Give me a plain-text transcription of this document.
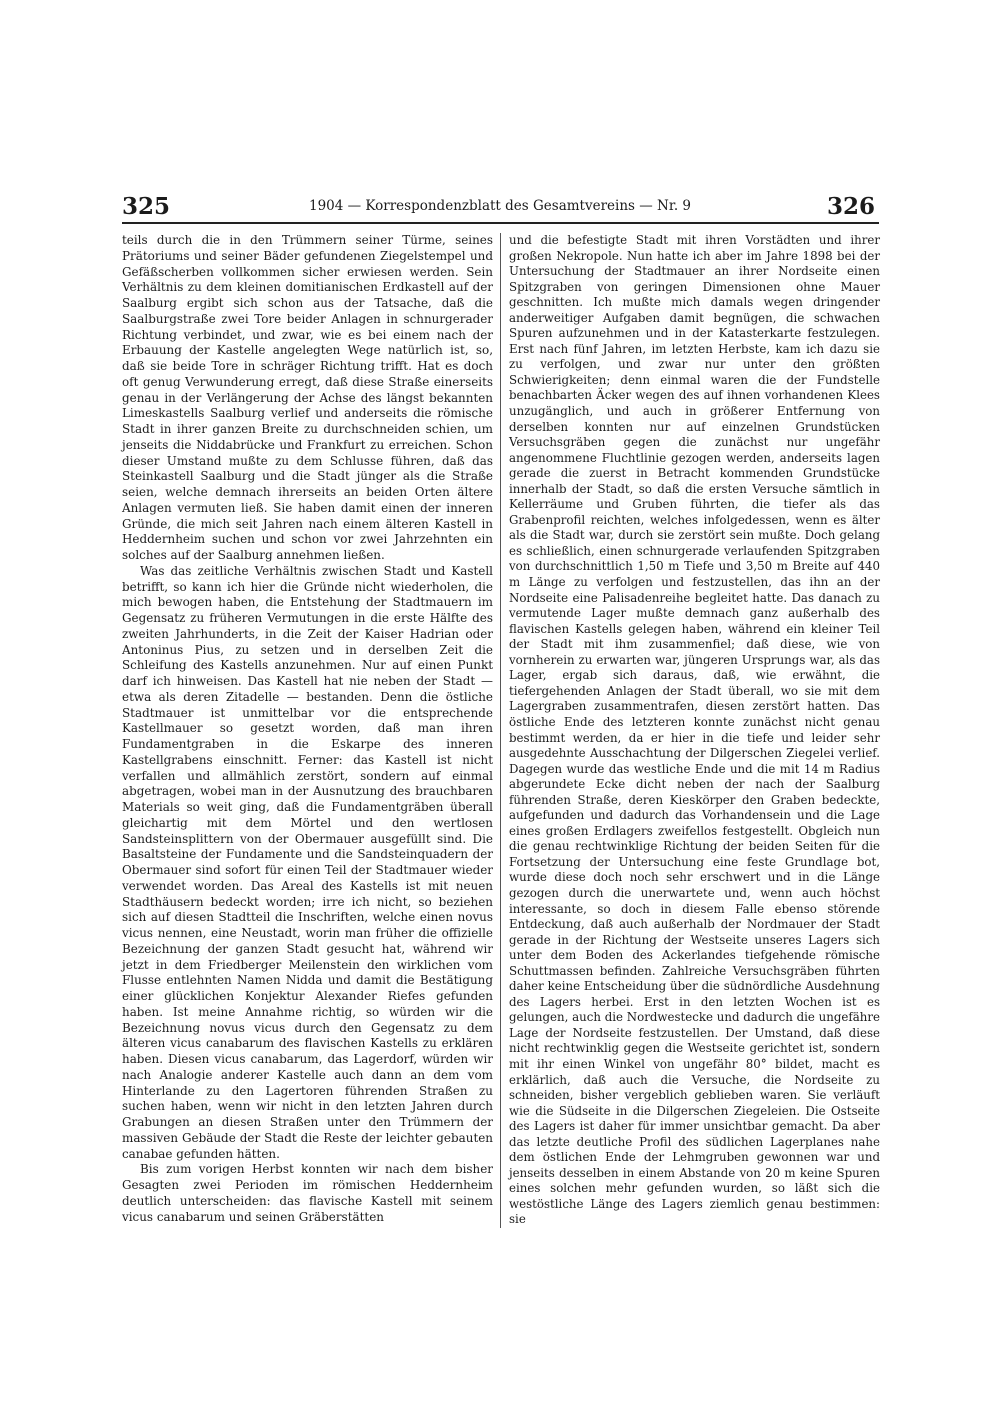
325	1904 — Korrespondenzblatt des Gesamtvereins — Nr. 9	326

teils durch die in den Trümmern seiner Türme, seines Prätoriums und seiner Bäder gefundenen Ziegelstempel und Gefäßscherben vollkommen sicher erwiesen werden. Sein Verhältnis zu dem kleinen domitianischen Erdkastell auf der Saalburg ergibt sich schon aus der Tatsache, daß die Saalburgstraße zwei Tore beider Anlagen in schnurgerader Richtung verbindet, und zwar, wie es bei einem nach der Erbauung der Kastelle angelegten Wege natürlich ist, so, daß sie beide Tore in schräger Richtung trifft. Hat es doch oft genug Verwunderung erregt, daß diese Straße einerseits genau in der Verlängerung der Achse des längst bekannten Limeskastells Saalburg verlief und anderseits die römische Stadt in ihrer ganzen Breite zu durchschneiden schien, um jenseits die Niddabrücke und Frankfurt zu erreichen. Schon dieser Umstand mußte zu dem Schlusse führen, daß das Steinkastell Saalburg und die Stadt jünger als die Straße seien, welche demnach ihrerseits an beiden Orten ältere Anlagen vermuten ließ. Sie haben damit einen der inneren Gründe, die mich seit Jahren nach einem älteren Kastell in Heddernheim suchen und schon vor zwei Jahrzehnten ein solches auf der Saalburg annehmen ließen.

Was das zeitliche Verhältnis zwischen Stadt und Kastell betrifft, so kann ich hier die Gründe nicht wiederholen, die mich bewogen haben, die Entstehung der Stadtmauern im Gegensatz zu früheren Vermutungen in die erste Hälfte des zweiten Jahrhunderts, in die Zeit der Kaiser Hadrian oder Antoninus Pius, zu setzen und in derselben Zeit die Schleifung des Kastells anzunehmen. Nur auf einen Punkt darf ich hinweisen. Das Kastell hat nie neben der Stadt — etwa als deren Zitadelle — bestanden. Denn die östliche Stadtmauer ist unmittelbar vor die entsprechende Kastellmauer so gesetzt worden, daß man ihren Fundamentgraben in die Eskarpe des inneren Kastellgrabens einschnitt. Ferner: das Kastell ist nicht verfallen und allmählich zerstört, sondern auf einmal abgetragen, wobei man in der Ausnutzung des brauchbaren Materials so weit ging, daß die Fundamentgräben überall gleichartig mit dem Mörtel und den wertlosen Sandsteinsplittern von der Obermauer ausgefüllt sind. Die Basaltsteine der Fundamente und die Sandsteinquadern der Obermauer sind sofort für einen Teil der Stadtmauer wieder verwendet worden. Das Areal des Kastells ist mit neuen Stadthäusern bedeckt worden; irre ich nicht, so beziehen sich auf diesen Stadtteil die Inschriften, welche einen novus vicus nennen, eine Neustadt, worin man früher die offizielle Bezeichnung der ganzen Stadt gesucht hat, während wir jetzt in dem Friedberger Meilenstein den wirklichen vom Flusse entlehnten Namen Nidda und damit die Bestätigung einer glücklichen Konjektur Alexander Riefes gefunden haben. Ist meine Annahme richtig, so würden wir die Bezeichnung novus vicus durch den Gegensatz zu dem älteren vicus canabarum des flavischen Kastells zu erklären haben. Diesen vicus canabarum, das Lagerdorf, würden wir nach Analogie anderer Kastelle auch dann an dem vom Hinterlande zu den Lagertoren führenden Straßen zu suchen haben, wenn wir nicht in den letzten Jahren durch Grabungen an diesen Straßen unter den Trümmern der massiven Gebäude der Stadt die Reste der leichter gebauten canabae gefunden hätten.

Bis zum vorigen Herbst konnten wir nach dem bisher Gesagten zwei Perioden im römischen Heddernheim deutlich unterscheiden: das flavische Kastell mit seinem vicus canabarum und seinen Gräberstätten

und die befestigte Stadt mit ihren Vorstädten und ihrer großen Nekropole. Nun hatte ich aber im Jahre 1898 bei der Untersuchung der Stadtmauer an ihrer Nordseite einen Spitzgraben von geringen Dimensionen ohne Mauer geschnitten. Ich mußte mich damals wegen dringender anderweitiger Aufgaben damit begnügen, die schwachen Spuren aufzunehmen und in der Katasterkarte festzulegen. Erst nach fünf Jahren, im letzten Herbste, kam ich dazu sie zu verfolgen, und zwar nur unter den größten Schwierigkeiten; denn einmal waren die der Fundstelle benachbarten Äcker wegen des auf ihnen vorhandenen Klees unzugänglich, und auch in größerer Entfernung von derselben konnten nur auf einzelnen Grundstücken Versuchsgräben gegen die zunächst nur ungefähr angenommene Fluchtlinie gezogen werden, anderseits lagen gerade die zuerst in Betracht kommenden Grundstücke innerhalb der Stadt, so daß die ersten Versuche sämtlich in Kellerräume und Gruben führten, die tiefer als das Grabenprofil reichten, welches infolgedessen, wenn es älter als die Stadt war, durch sie zerstört sein mußte. Doch gelang es schließlich, einen schnurgerade verlaufenden Spitzgraben von durchschnittlich 1,50 m Tiefe und 3,50 m Breite auf 440 m Länge zu verfolgen und festzustellen, das ihn an der Nordseite eine Palisadenreihe begleitet hatte. Das danach zu vermutende Lager mußte demnach ganz außerhalb des flavischen Kastells gelegen haben, während ein kleiner Teil der Stadt mit ihm zusammenfiel; daß diese, wie von vornherein zu erwarten war, jüngeren Ursprungs war, als das Lager, ergab sich daraus, daß, wie erwähnt, die tiefergehenden Anlagen der Stadt überall, wo sie mit dem Lagergraben zusammentrafen, diesen zerstört hatten. Das östliche Ende des letzteren konnte zunächst nicht genau bestimmt werden, da er hier in die tiefe und leider sehr ausgedehnte Ausschachtung der Dilgerschen Ziegelei verlief. Dagegen wurde das westliche Ende und die mit 14 m Radius abgerundete Ecke dicht neben der nach der Saalburg führenden Straße, deren Kieskörper den Graben bedeckte, aufgefunden und dadurch das Vorhandensein und die Lage eines großen Erdlagers zweifellos festgestellt. Obgleich nun die genau rechtwinklige Richtung der beiden Seiten für die Fortsetzung der Untersuchung eine feste Grundlage bot, wurde diese doch noch sehr erschwert und in die Länge gezogen durch die unerwartete und, wenn auch höchst interessante, so doch in diesem Falle ebenso störende Entdeckung, daß auch außerhalb der Nordmauer der Stadt gerade in der Richtung der Westseite unseres Lagers sich unter dem Boden des Ackerlandes tiefgehende römische Schuttmassen befinden. Zahlreiche Versuchsgräben führten daher keine Entscheidung über die südnördliche Ausdehnung des Lagers herbei. Erst in den letzten Wochen ist es gelungen, auch die Nordwestecke und dadurch die ungefähre Lage der Nordseite festzustellen. Der Umstand, daß diese nicht rechtwinklig gegen die Westseite gerichtet ist, sondern mit ihr einen Winkel von ungefähr 80° bildet, macht es erklärlich, daß auch die Versuche, die Nordseite zu schneiden, bisher vergeblich geblieben waren. Sie verläuft wie die Südseite in die Dilgerschen Ziegeleien. Die Ostseite des Lagers ist daher für immer unsichtbar gemacht. Da aber das letzte deutliche Profil des südlichen Lagerplanes nahe dem östlichen Ende der Lehmgruben gewonnen war und jenseits desselben in einem Abstande von 20 m keine Spuren eines solchen mehr gefunden wurden, so läßt sich die westöstliche Länge des Lagers ziemlich genau bestimmen: sie
